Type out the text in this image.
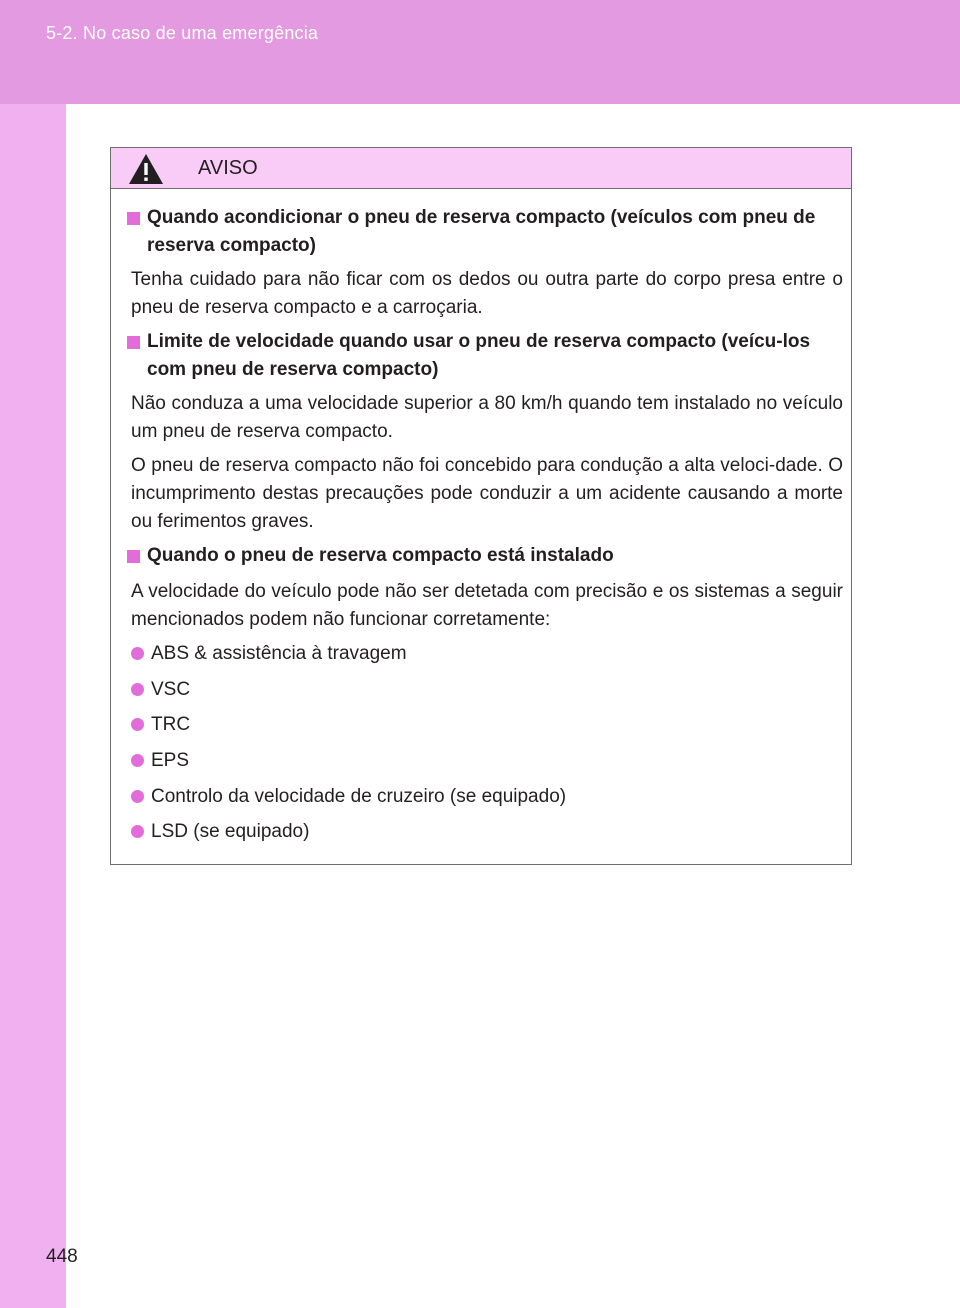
5-2. No caso de uma emergência
AVISO
Quando acondicionar o pneu de reserva compacto (veículos com pneu de reserva compacto)
Tenha cuidado para não ficar com os dedos ou outra parte do corpo presa entre o pneu de reserva compacto e a carroçaria.
Limite de velocidade quando usar o pneu de reserva compacto (veícu-los com pneu de reserva compacto)
Não conduza a uma velocidade superior a 80 km/h quando tem instalado no veículo um pneu de reserva compacto.
O pneu de reserva compacto não foi concebido para condução a alta veloci-dade. O incumprimento destas precauções pode conduzir a um acidente causando a morte ou ferimentos graves.
Quando o pneu de reserva compacto está instalado
A velocidade do veículo pode não ser detetada com precisão e os sistemas a seguir mencionados podem não funcionar corretamente:
ABS & assistência à travagem
VSC
TRC
EPS
Controlo da velocidade de cruzeiro (se equipado)
LSD (se equipado)
448
